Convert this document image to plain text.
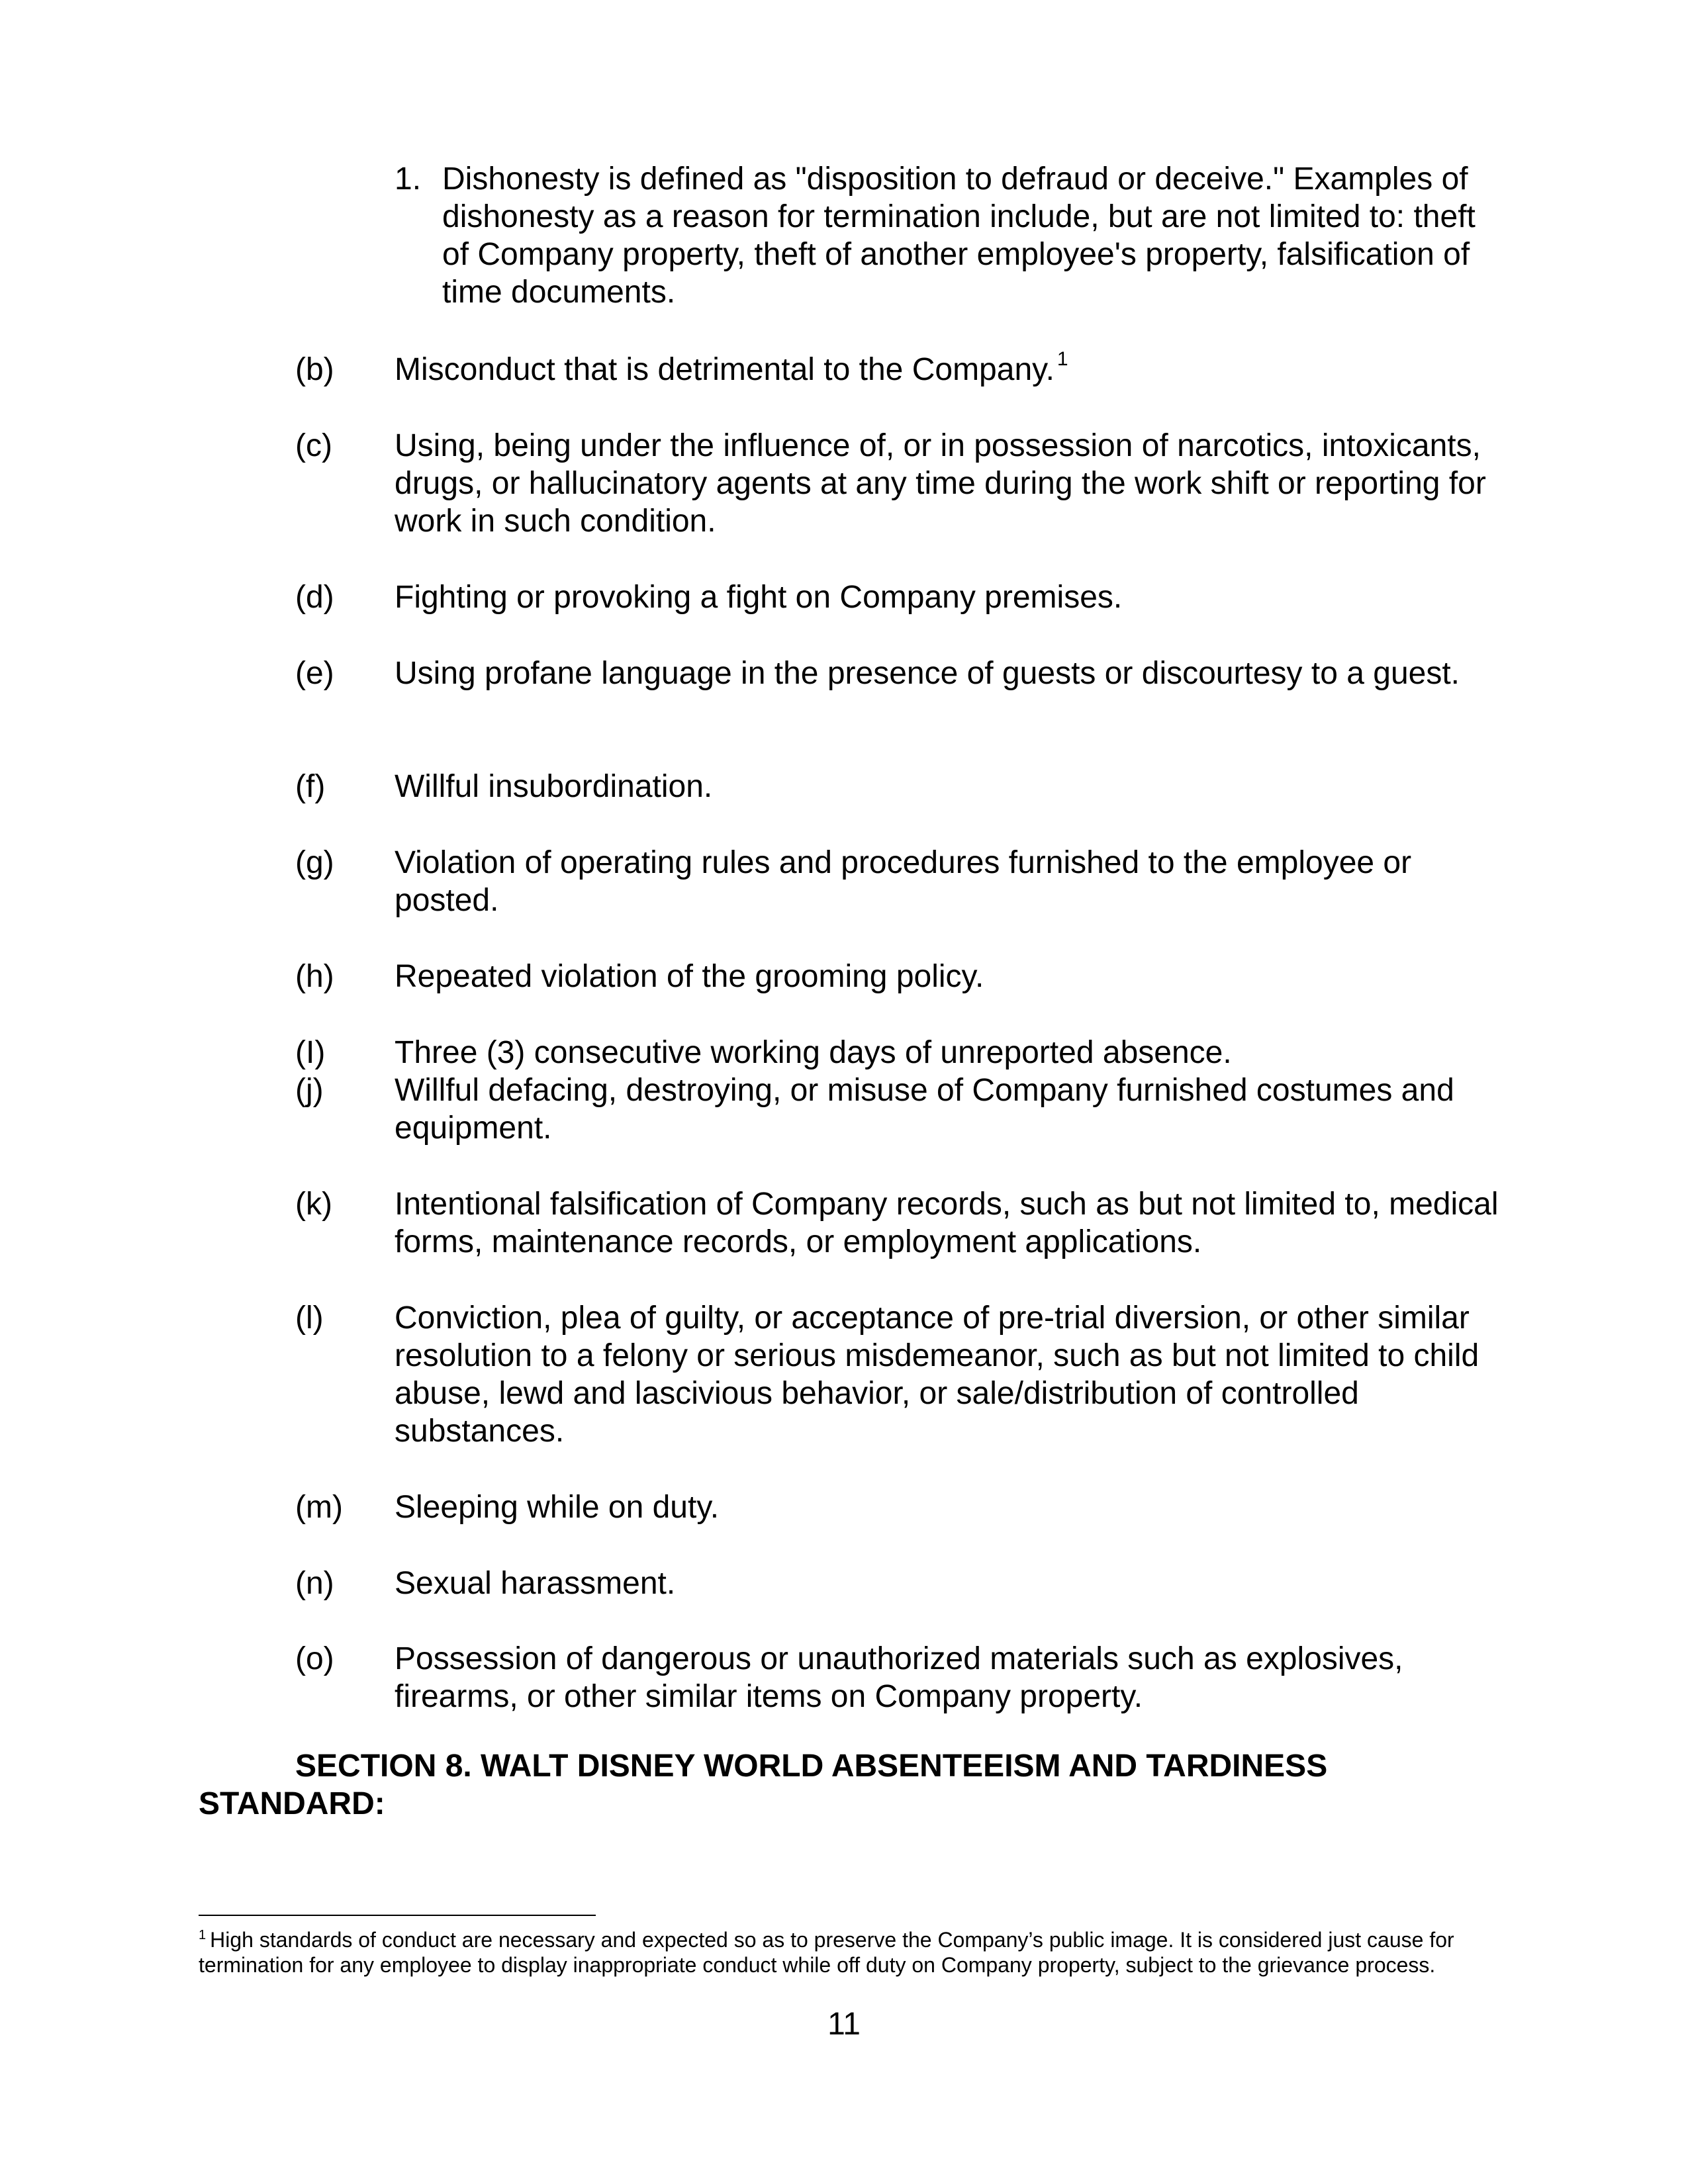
1. Dishonesty is defined as "disposition to defraud or deceive." Examples of dishonesty as a reason for termination include, but are not limited to: theft of Company property, theft of another employee's property, falsification of time documents.
(b) Misconduct that is detrimental to the Company. $^1$
(c) Using, being under the influence of, or in possession of narcotics, intoxicants, drugs, or hallucinatory agents at any time during the work shift or reporting for work in such condition.
(d) Fighting or provoking a fight on Company premises.
(e) Using profane language in the presence of guests or discourtesy to a guest.
(f) Willful insubordination.
(g) Violation of operating rules and procedures furnished to the employee or posted.
(h) Repeated violation of the grooming policy.
(I) Three (3) consecutive working days of unreported absence.
(j) Willful defacing, destroying, or misuse of Company furnished costumes and equipment.
(k) Intentional falsification of Company records, such as but not limited to, medical forms, maintenance records, or employment applications.
(l) Conviction, plea of guilty, or acceptance of pre-trial diversion, or other similar resolution to a felony or serious misdemeanor, such as but not limited to child abuse, lewd and lascivious behavior, or sale/distribution of controlled substances.
(m) Sleeping while on duty.
(n) Sexual harassment.
(o) Possession of dangerous or unauthorized materials such as explosives, firearms, or other similar items on Company property.
SECTION 8. WALT DISNEY WORLD ABSENTEEISM AND TARDINESS
STANDARD:
$^1$ High standards of conduct are necessary and expected so as to preserve the Company’s public image. It is considered just cause for termination for any employee to display inappropriate conduct while off duty on Company property, subject to the grievance process.
11
